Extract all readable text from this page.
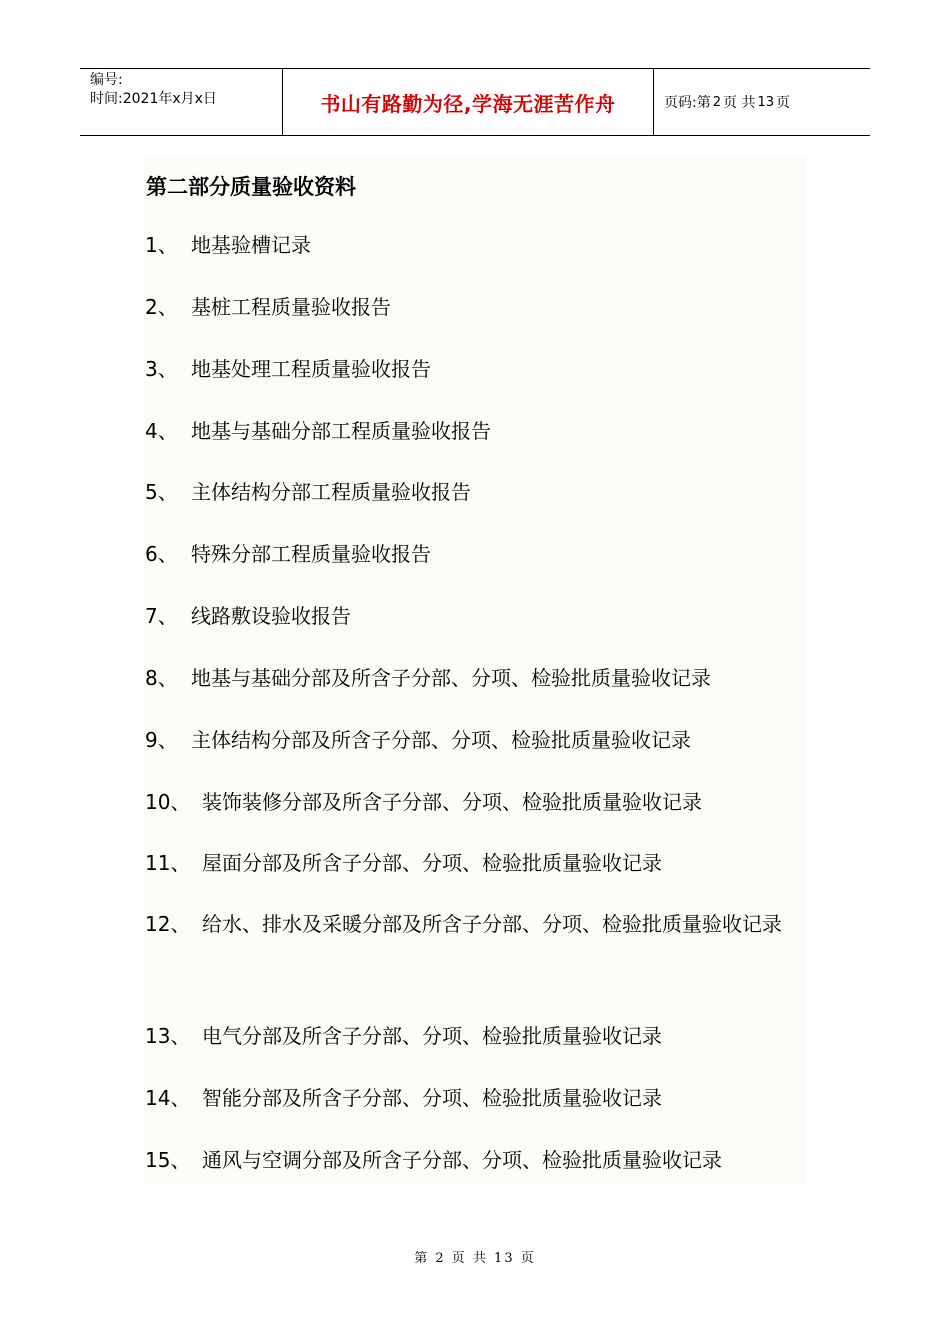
编号:
时间:2021年x月x日	书山有路勤为径,学海无涯苦作舟	页码:第 2 页 共 13 页
第二部分质量验收资料
1、 地基验槽记录
2、 基桩工程质量验收报告
3、 地基处理工程质量验收报告
4、 地基与基础分部工程质量验收报告
5、 主体结构分部工程质量验收报告
6、 特殊分部工程质量验收报告
7、 线路敷设验收报告
8、 地基与基础分部及所含子分部、分项、检验批质量验收记录
9、 主体结构分部及所含子分部、分项、检验批质量验收记录
10、 装饰装修分部及所含子分部、分项、检验批质量验收记录
11、 屋面分部及所含子分部、分项、检验批质量验收记录
12、 给水、排水及采暖分部及所含子分部、分项、检验批质量验收记录
13、 电气分部及所含子分部、分项、检验批质量验收记录
14、 智能分部及所含子分部、分项、检验批质量验收记录
15、 通风与空调分部及所含子分部、分项、检验批质量验收记录
第 2 页 共 13 页
